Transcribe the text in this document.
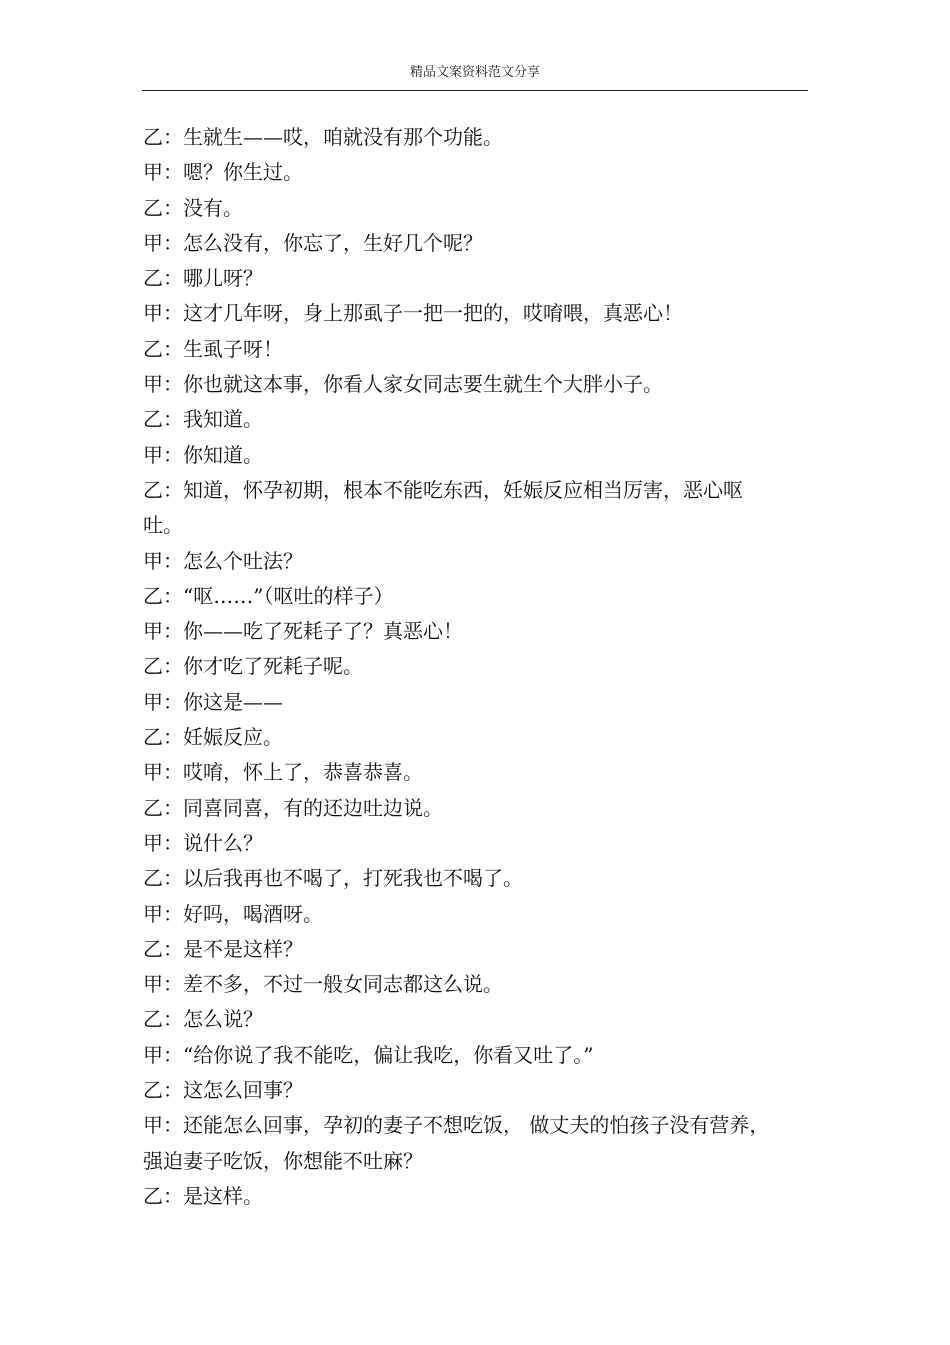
精品文案资料范文分享
乙：生就生——哎，咱就没有那个功能。
甲：嗯？你生过。
乙：没有。
甲：怎么没有，你忘了，生好几个呢？
乙：哪儿呀？
甲：这才几年呀，身上那虱子一把一把的，哎唷喂，真恶心！
乙：生虱子呀！
甲：你也就这本事，你看人家女同志要生就生个大胖小子。
乙：我知道。
甲：你知道。
乙：知道，怀孕初期，根本不能吃东西，妊娠反应相当厉害，恶心呕
吐。
甲：怎么个吐法？
乙：“呕……”（呕吐的样子）
甲：你——吃了死耗子了？真恶心！
乙：你才吃了死耗子呢。
甲：你这是——
乙：妊娠反应。
甲：哎唷，怀上了，恭喜恭喜。
乙：同喜同喜，有的还边吐边说。
甲：说什么？
乙：以后我再也不喝了，打死我也不喝了。
甲：好吗，喝酒呀。
乙：是不是这样？
甲：差不多，不过一般女同志都这么说。
乙：怎么说？
甲：“给你说了我不能吃，偏让我吃，你看又吐了。”
乙：这怎么回事？
甲：还能怎么回事，孕初的妻子不想吃饭， 做丈夫的怕孩子没有营养，
强迫妻子吃饭，你想能不吐麻？
乙：是这样。
